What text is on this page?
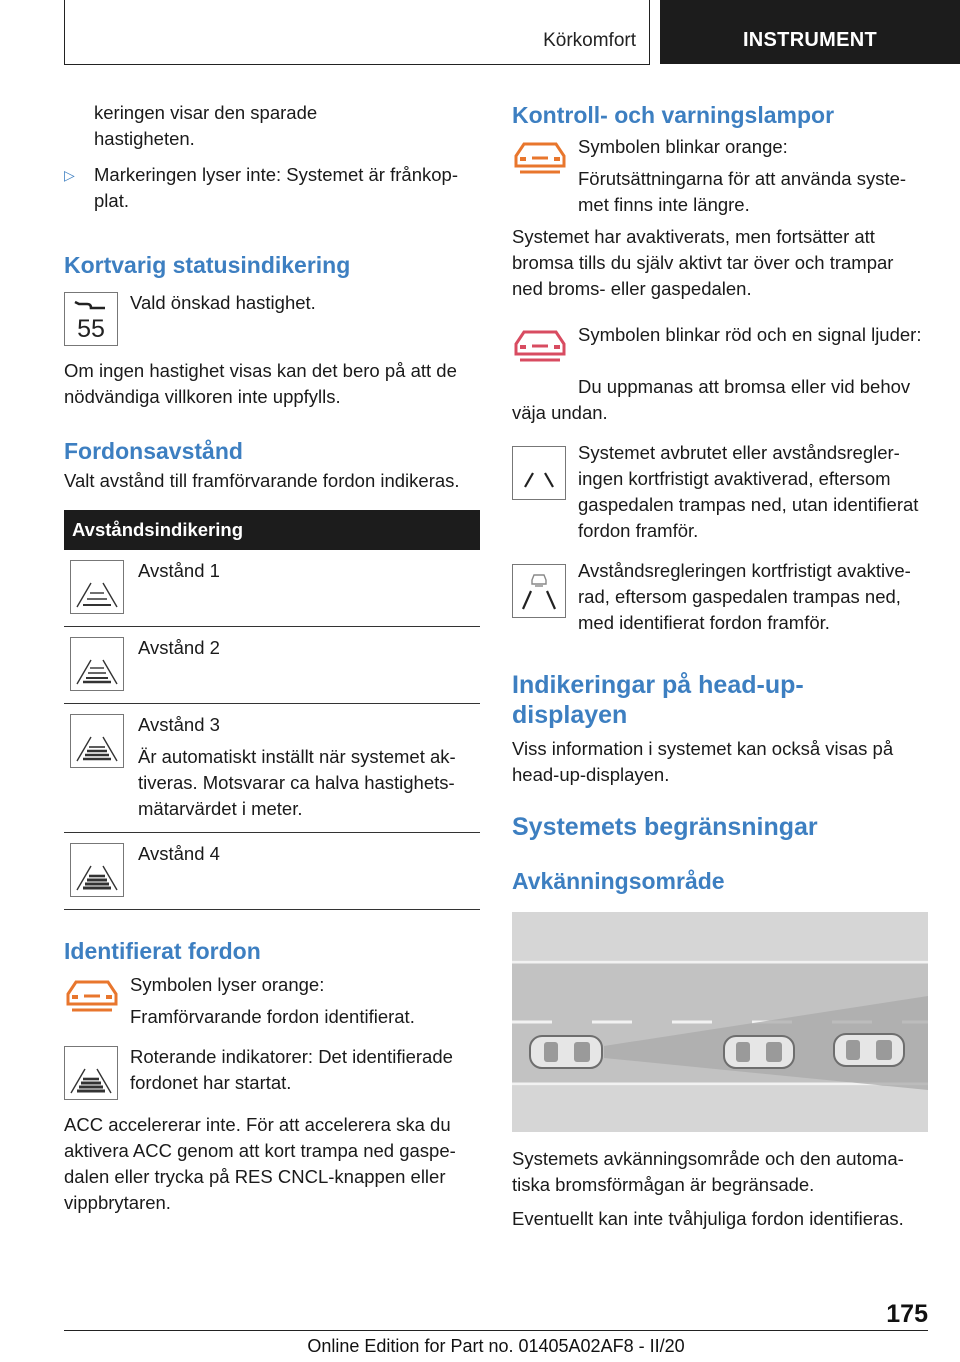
Körkomfort	INSTRUMENT

keringen visar den sparade hastigheten.

▷	Markeringen lyser inte: Systemet är frånkop-plat.

Kortvarig statusindikering
55

Vald önskad hastighet.

Om ingen hastighet visas kan det bero på att de nödvändiga villkoren inte uppfylls.

Fordonsavstånd

Valt avstånd till framförvarande fordon indikeras.

Avståndsindikering

Avstånd 1

Avstånd 2

Avstånd 3

Är automatiskt inställt när systemet ak-tiveras. Motsvarar ca halva hastighets-mätarvärdet i meter.

Avstånd 4

Identifierat fordon

Symbolen lyser orange:

Framförvarande fordon identifierat.

Roterande indikatorer: Det identifierade fordonet har startat.

ACC accelererar inte. För att accelerera ska du aktivera ACC genom att kort trampa ned gaspe-dalen eller trycka på RES CNCL-knappen eller vippbrytaren.

Kontroll- och varningslampor

Symbolen blinkar orange:

Förutsättningarna för att använda syste-met finns inte längre.

Systemet har avaktiverats, men fortsätter att bromsa tills du själv aktivt tar över och trampar ned broms- eller gaspedalen.

Symbolen blinkar röd och en signal ljuder:

Du uppmanas att bromsa eller vid behov väja undan.

Systemet avbrutet eller avståndsregler-ingen kortfristigt avaktiverad, eftersom gaspedalen trampas ned, utan identifierat fordon framför.

Avståndsregleringen kortfristigt avaktive-rad, eftersom gaspedalen trampas ned, med identifierat fordon framför.

Indikeringar på head-up-displayen

Viss information i systemet kan också visas på head-up-displayen.

Systemets begränsningar
Avkänningsområde

Systemets avkänningsområde och den automa-tiska bromsförmågan är begränsade.

Eventuellt kan inte tvåhjuliga fordon identifieras.

175
Online Edition for Part no. 01405A02AF8 - II/20
